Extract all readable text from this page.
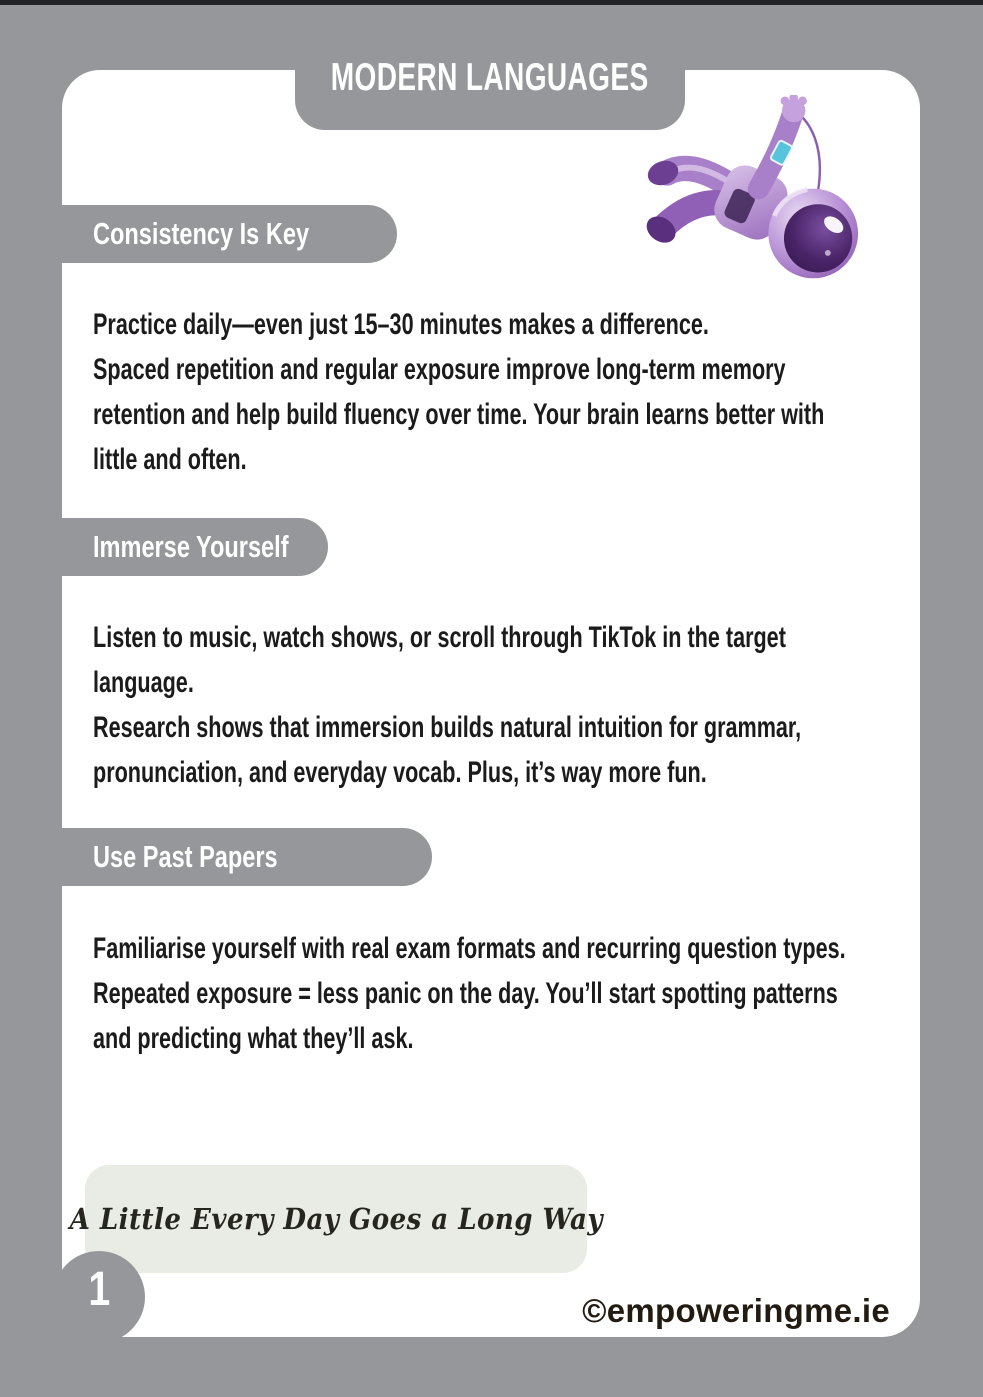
Consistency Is Key

Practice daily—even just 15–30 minutes makes a difference.

Spaced repetition and regular exposure improve long-term memory retention and help build fluency over time. Your brain learns better with little and often.

Immerse Yourself

Listen to music, watch shows, or scroll through TikTok in the target language.

Research shows that immersion builds natural intuition for grammar, pronunciation, and everyday vocab. Plus, it’s way more fun.

Use Past Papers

Familiarise yourself with real exam formats and recurring question types.

Repeated exposure = less panic on the day. You’ll start spotting patterns and predicting what they’ll ask.

A Little Every Day Goes a Long Way
©empoweringme.ie
MODERN LANGUAGES
1
